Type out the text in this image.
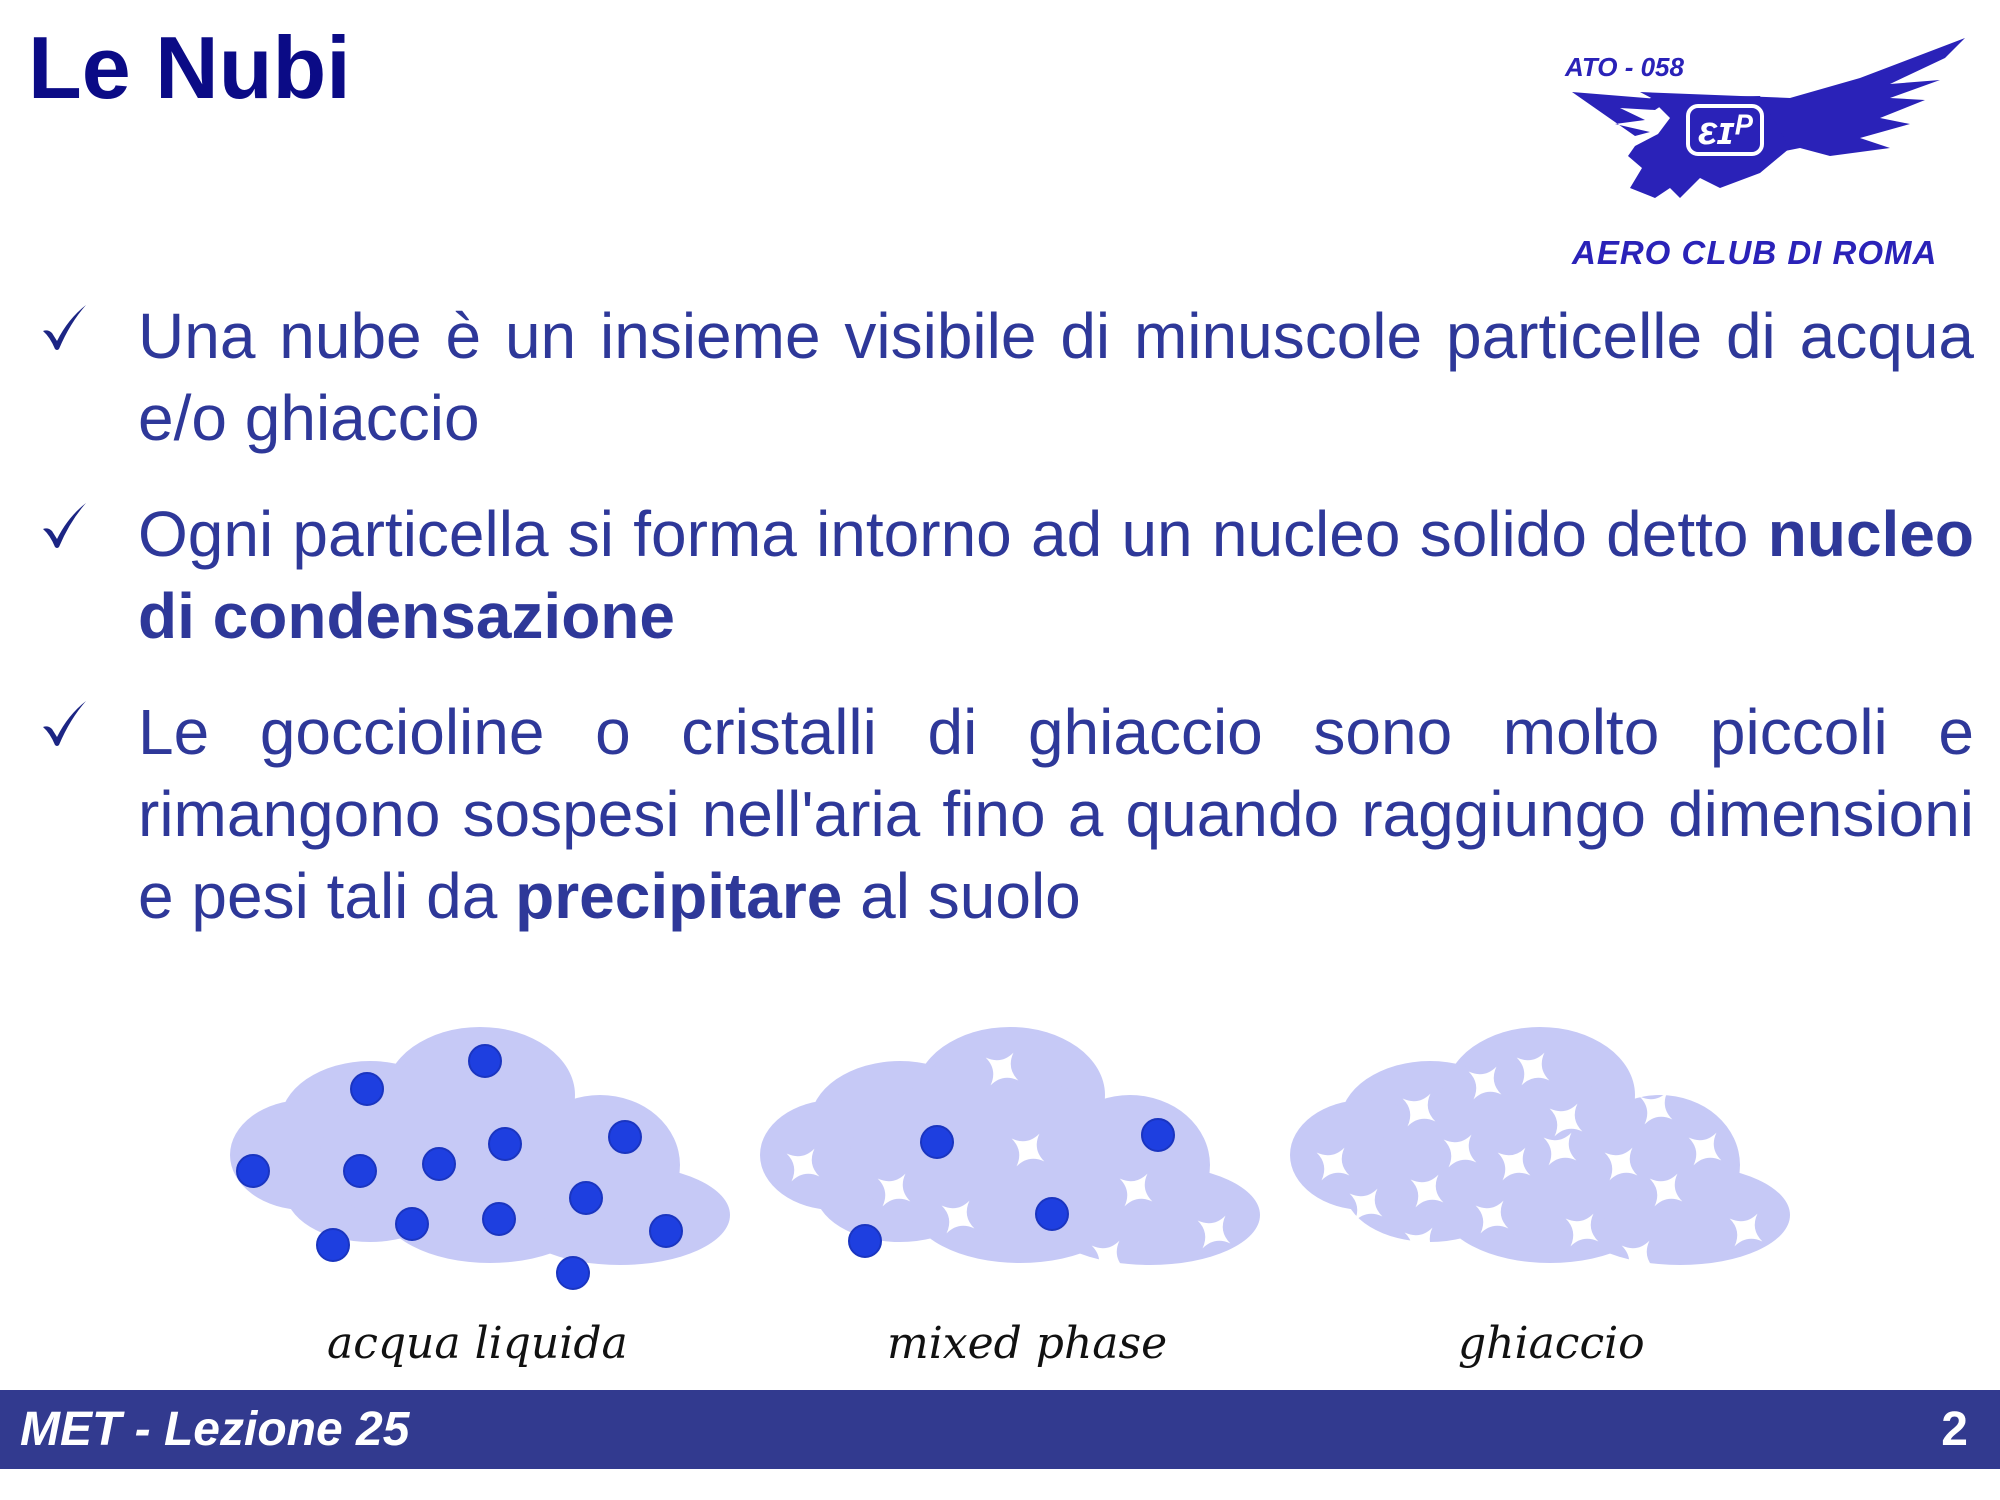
Le Nubi
ɛɪᴾ
ATO - 058
AERO CLUB DI ROMA
Una nube è un insieme visibile di minuscole particelle di acqua e/o ghiaccio
Ogni particella si forma intorno ad un nucleo solido detto nucleo di condensazione
Le goccioline o cristalli di ghiaccio sono molto piccoli e rimangono sospesi nell'aria fino a quando raggiungo dimensioni e pesi tali da precipitare al suolo
acqua liquida	mixed phase	ghiaccio
MET - Lezione 25	2
